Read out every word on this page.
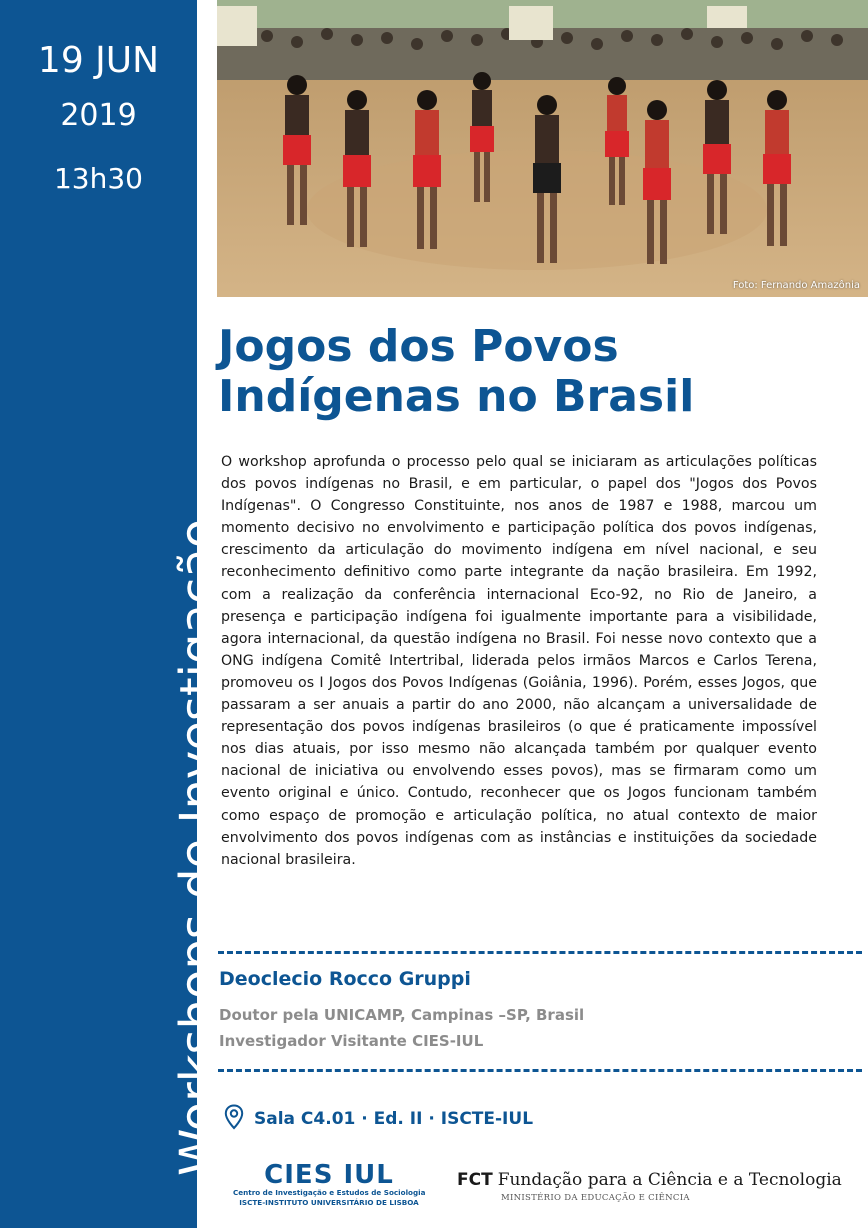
19 JUN
2019
13h30
Workshops de Investigação CIES-IUL
Foto: Fernando Amazônia
Jogos dos Povos
Indígenas no Brasil

O workshop aprofunda o processo pelo qual se iniciaram as articulações políticas dos povos indígenas no Brasil, e em particular, o papel dos "Jogos dos Povos Indígenas". O Congresso Constituinte, nos anos de 1987 e 1988, marcou um momento decisivo no envolvimento e participação política dos povos indígenas, crescimento da articulação do movimento indígena em nível nacional, e seu reconhecimento definitivo como parte integrante da nação brasileira. Em 1992, com a realização da conferência internacional Eco-92, no Rio de Janeiro, a presença e participação indígena foi igualmente importante para a visibilidade, agora internacional, da questão indígena no Brasil. Foi nesse novo contexto que a ONG indígena Comitê Intertribal, liderada pelos irmãos Marcos e Carlos Terena, promoveu os I Jogos dos Povos Indígenas (Goiânia, 1996). Porém, esses Jogos, que passaram a ser anuais a partir do ano 2000, não alcançam a universalidade de representação dos povos indígenas brasileiros (o que é praticamente impossível nos dias atuais, por isso mesmo não alcançada também por qualquer evento nacional de iniciativa ou envolvendo esses povos), mas se firmaram como um evento original e único. Contudo, reconhecer que os Jogos funcionam também como espaço de promoção e articulação política, no atual contexto de maior envolvimento dos povos indígenas com as instâncias e instituições da sociedade nacional brasileira.

Deoclecio Rocco Gruppi

Doutor pela UNICAMP, Campinas –SP, Brasil

Investigador Visitante CIES-IUL

Sala C4.01 · Ed. II · ISCTE-IUL
CIES IUL
Centro de Investigação e Estudos de Sociologia
ISCTE-INSTITUTO UNIVERSITÁRIO DE LISBOA
FCT Fundação para a Ciência e a Tecnologia
MINISTÉRIO DA EDUCAÇÃO E CIÊNCIA
